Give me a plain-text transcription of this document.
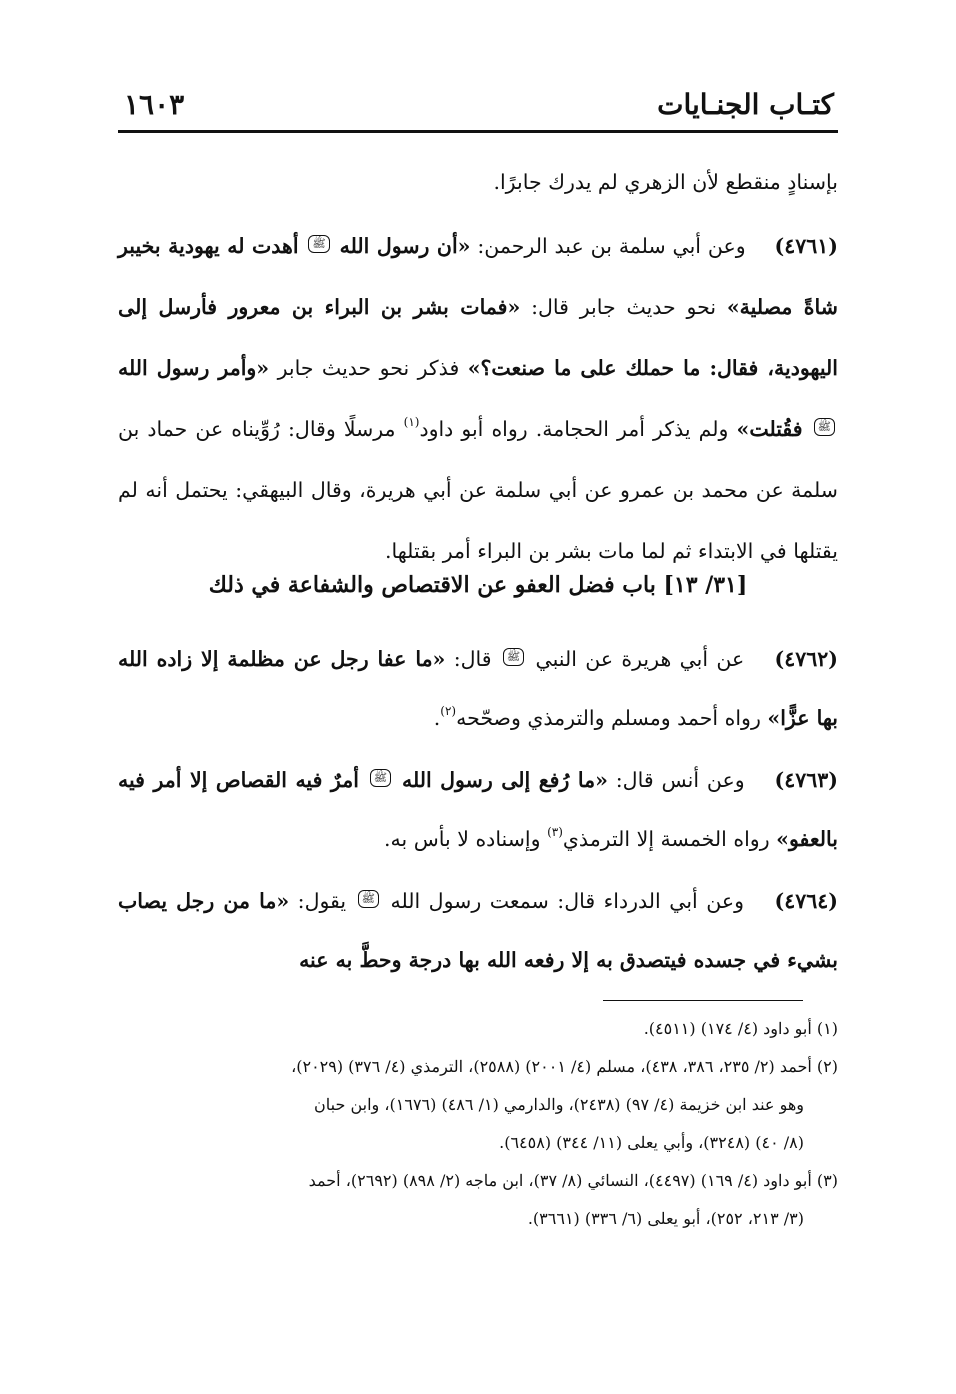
كتـاب الجنـايات
١٦٠٣

بإسنادٍ منقطع لأن الزهري لم يدرك جابرًا.

(٤٧٦١) وعن أبي سلمة بن عبد الرحمن: «أن رسول الله ﷺ أهدت له يهودية بخيبر شاةً مصلية» نحو حديث جابر قال: «فمات بشر بن البراء بن معرور فأرسل إلى اليهودية، فقال: ما حملك على ما صنعت؟» فذكر نحو حديث جابر «وأمر رسول الله ﷺ فقُتلت» ولم يذكر أمر الحجامة. رواه أبو داود$^{(١)}$ مرسلًا وقال: رُوِّيناه عن حماد بن سلمة عن محمد بن عمرو عن أبي سلمة عن أبي هريرة، وقال البيهقي: يحتمل أنه لم يقتلها في الابتداء ثم لما مات بشر بن البراء أمر بقتلها.

[٣١/ ١٣] باب فضل العفو عن الاقتصاص والشفاعة في ذلك

(٤٧٦٢) عن أبي هريرة عن النبي ﷺ قال: «ما عفا رجل عن مظلمة إلا زاده الله بها عزًّا» رواه أحمد ومسلم والترمذي وصحّحه$^{(٢)}$.

(٤٧٦٣) وعن أنس قال: «ما رُفع إلى رسول الله ﷺ أمرٌ فيه القصاص إلا أمر فيه بالعفو» رواه الخمسة إلا الترمذي$^{(٣)}$ وإسناده لا بأس به.

(٤٧٦٤) وعن أبي الدرداء قال: سمعت رسول الله ﷺ يقول: «ما من رجل يصاب بشيء في جسده فيتصدق به إلا رفعه الله بها درجة وحطَّ به عنه

(١) أبو داود (٤/ ١٧٤) (٤٥١١).

(٢) أحمد (٢/ ٢٣٥، ٣٨٦، ٤٣٨)، مسلم (٤/ ٢٠٠١) (٢٥٨٨)، الترمذي (٤/ ٣٧٦) (٢٠٢٩)،

وهو عند ابن خزيمة (٤/ ٩٧) (٢٤٣٨)، والدارمي (١/ ٤٨٦) (١٦٧٦)، وابن حبان

(٨/ ٤٠) (٣٢٤٨)، وأبي يعلى (١١/ ٣٤٤) (٦٤٥٨).

(٣) أبو داود (٤/ ١٦٩) (٤٤٩٧)، النسائي (٨/ ٣٧)، ابن ماجه (٢/ ٨٩٨) (٢٦٩٢)، أحمد

(٣/ ٢١٣، ٢٥٢)، أبو يعلى (٦/ ٣٣٦) (٣٦٦١).
